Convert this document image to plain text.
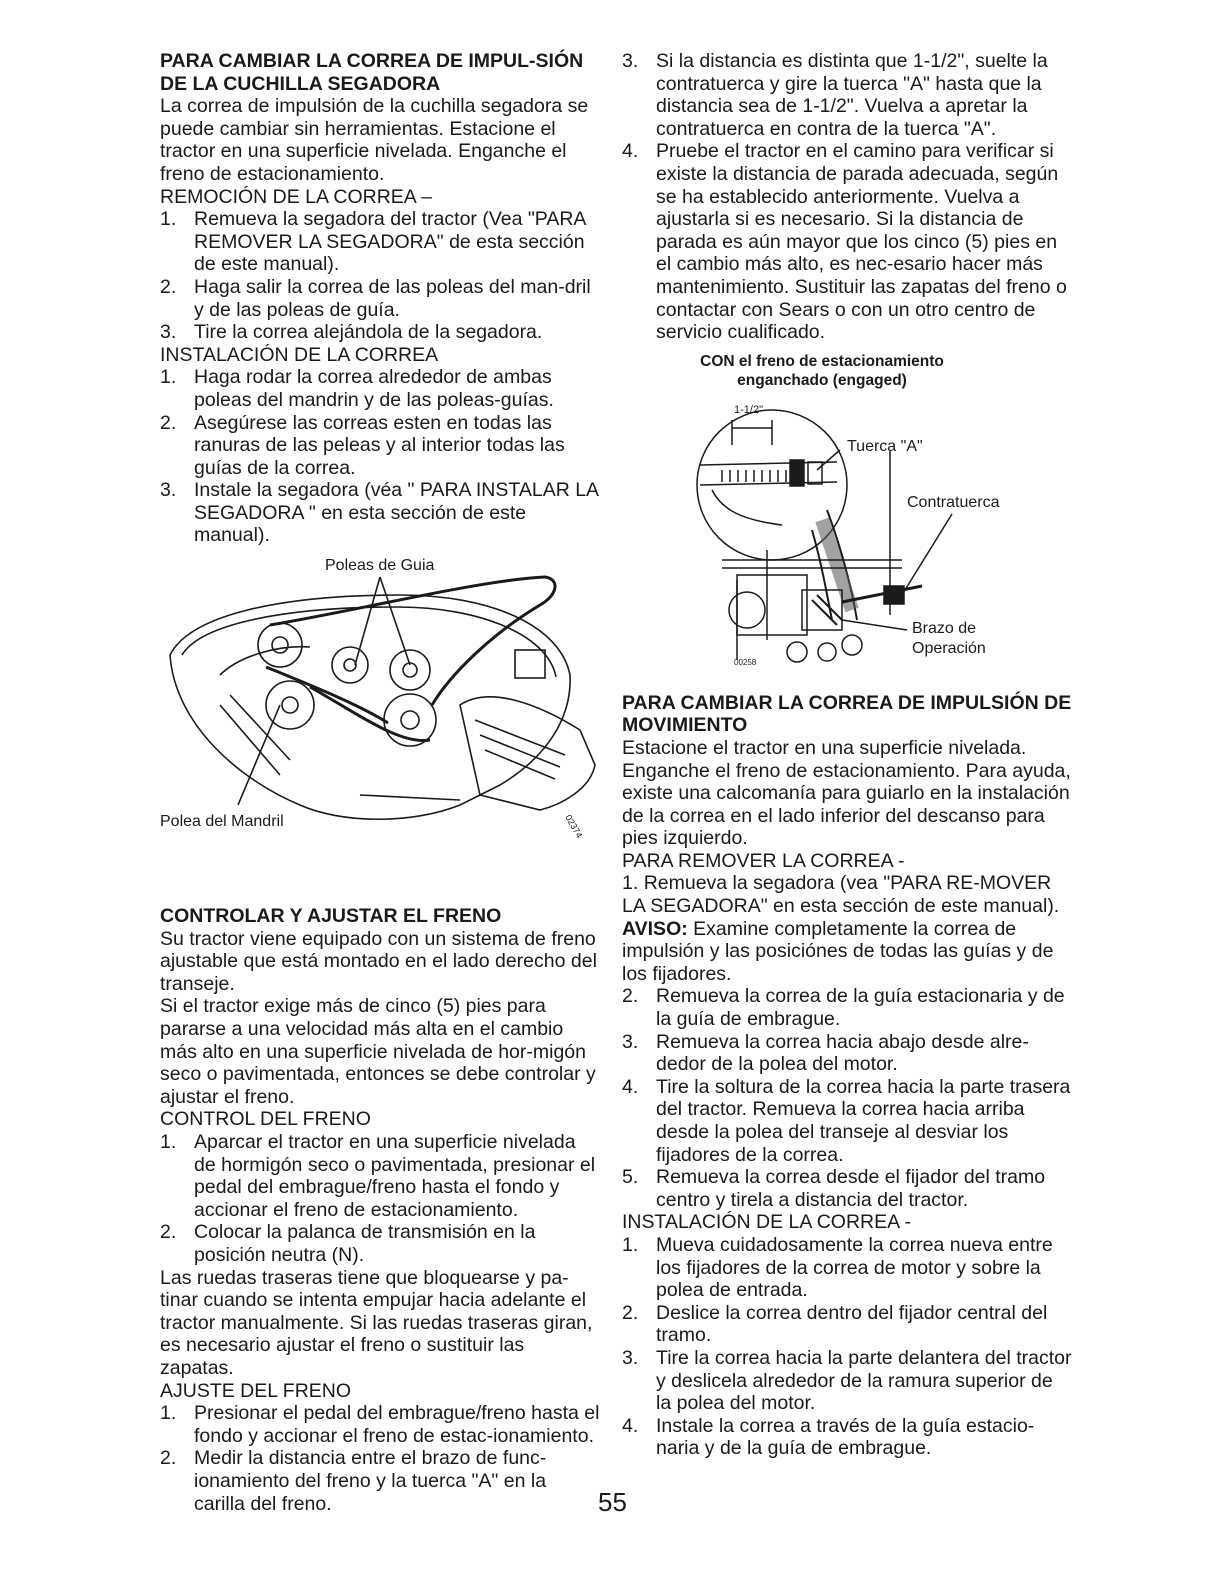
PARA CAMBIAR LA CORREA DE IMPUL-SIÓN DE LA CUCHILLA SEGADORA

La correa de impulsión de la cuchilla segadora se puede cambiar sin herramientas. Estacione el tractor en una superficie nivelada. Enganche el freno de estacionamiento.

REMOCIÓN DE LA CORREA –

1. Remueva la segadora del tractor (Vea "PARA REMOVER LA SEGADORA" de esta sección de este manual).
2. Haga salir la correa de las poleas del man-dril y de las poleas de guía.
3. Tire la correa alejándola de la segadora.

INSTALACIÓN DE LA CORREA

1. Haga rodar la correa alrededor de ambas poleas del mandrin y de las poleas-guías.
2. Asegúrese las correas esten en todas las ranuras de las peleas y al interior todas las guías de la correa.
3. Instale la segadora (véa " PARA INSTALAR LA SEGADORA " en esta sección de este manual).
Poleas de Guia
Polea del Mandril	02374

CONTROLAR Y AJUSTAR EL FRENO

Su tractor viene equipado con un sistema de freno ajustable que está montado en el lado derecho del transeje.

Si el tractor exige más de cinco (5) pies para pararse a una velocidad más alta en el cambio más alto en una superficie nivelada de hor-migón seco o pavimentada, entonces se debe controlar y ajustar el freno.

CONTROL DEL FRENO

1. Aparcar el tractor en una superficie nivelada de hormigón seco o pavimentada, presionar el pedal del embrague/freno hasta el fondo y accionar el freno de estacionamiento.
2. Colocar la palanca de transmisión en la posición neutra (N).

Las ruedas traseras tiene que bloquearse y pa-tinar cuando se intenta empujar hacia adelante el tractor manualmente. Si las ruedas traseras giran, es necesario ajustar el freno o sustituir las zapatas.

AJUSTE DEL FRENO

1. Presionar el pedal del embrague/freno hasta el fondo y accionar el freno de estac-ionamiento.
2. Medir la distancia entre el brazo de func-ionamiento del freno y la tuerca "A" en la carilla del freno.
3. Si la distancia es distinta que 1-1/2", suelte la contratuerca y gire la tuerca "A" hasta que la distancia sea de 1-1/2". Vuelva a apretar la contratuerca en contra de la tuerca "A".
4. Pruebe el tractor en el camino para verificar si existe la distancia de parada adecuada, según se ha establecido anteriormente. Vuelva a ajustarla si es necesario. Si la distancia de parada es aún mayor que los cinco (5) pies en el cambio más alto, es nec-esario hacer más mantenimiento. Sustituir las zapatas del freno o contactar con Sears o con un otro centro de servicio cualificado.

CON el freno de estacionamiento
enganchado (engaged)

Tuerca "A"
Contratuerca
Brazo de
Operación
1-1/2"
00258

PARA CAMBIAR LA CORREA DE IMPULSIÓN DE MOVIMIENTO

Estacione el tractor en una superficie nivelada. Enganche el freno de estacionamiento. Para ayuda, existe una calcomanía para guiarlo en la instalación de la correa en el lado inferior del descanso para pies izquierdo.

PARA REMOVER LA CORREA -

1. Remueva la segadora (vea "PARA RE-MOVER LA SEGADORA" en esta sección de este manual).

AVISO: Examine completamente la correa de impulsión y las posiciónes de todas las guías y de los fijadores.

2. Remueva la correa de la guía estacionaria y de la guía de embrague.
3. Remueva la correa hacia abajo desde alre-dedor de la polea del motor.
4. Tire la soltura de la correa hacia la parte trasera del tractor. Remueva la correa hacia arriba desde la polea del transeje al desviar los fijadores de la correa.
5. Remueva la correa desde el fijador del tramo centro y tirela a distancia del tractor.

INSTALACIÓN DE LA CORREA -

1. Mueva cuidadosamente la correa nueva entre los fijadores de la correa de motor y sobre la polea de entrada.
2. Deslice la correa dentro del fijador central del tramo.
3. Tire la correa hacia la parte delantera del tractor y deslicela alrededor de la ramura superior de la polea del motor.
4. Instale la correa a través de la guía estacio-naria y de la guía de embrague.
55
